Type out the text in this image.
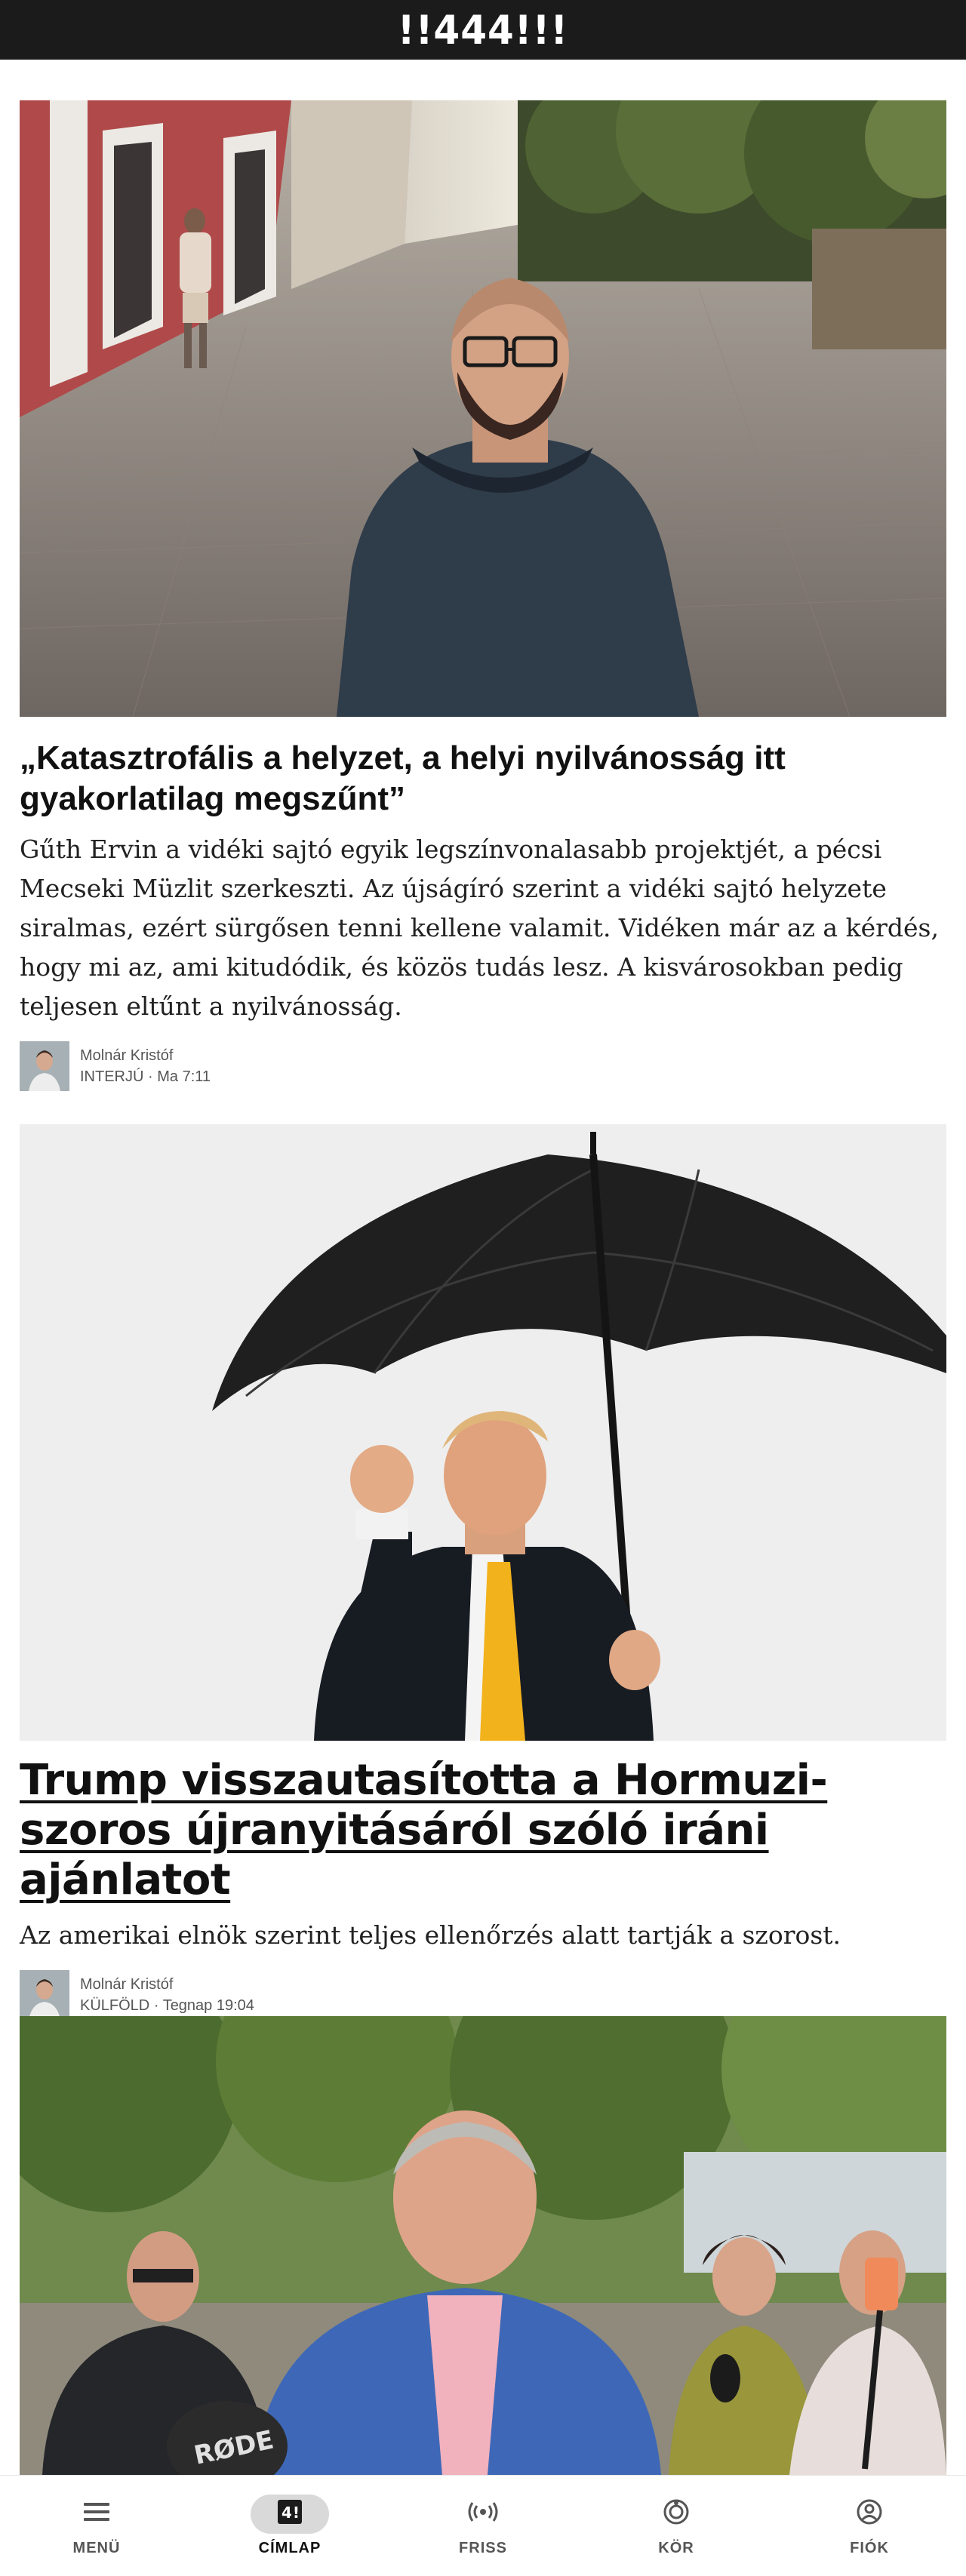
!!444!!!
„Katasztrofális a helyzet, a helyi nyilvánosság itt gyakorlatilag megszűnt”

Gűth Ervin a vidéki sajtó egyik legszínvonalasabb projektjét, a pécsi Mecseki Müzlit szerkeszti. Az újságíró szerint a vidéki sajtó helyzete siralmas, ezért sürgősen tenni kellene valamit. Vidéken már az a kérdés, hogy mi az, ami kitudódik, és közös tudás lesz. A kisvárosokban pedig teljesen eltűnt a nyilvánosság.

Molnár Kristóf
INTERJÚ · Ma 7:11
Trump visszautasította a Hormuzi-szoros újranyitásáról szóló iráni ajánlatot

Az amerikai elnök szerint teljes ellenőrzés alatt tartják a szorost.

Molnár Kristóf
KÜLFÖLD · Tegnap 19:04
RØDE
MENÜ
4!
CÍMLAP	FRISS	KÖR	FIÓK
